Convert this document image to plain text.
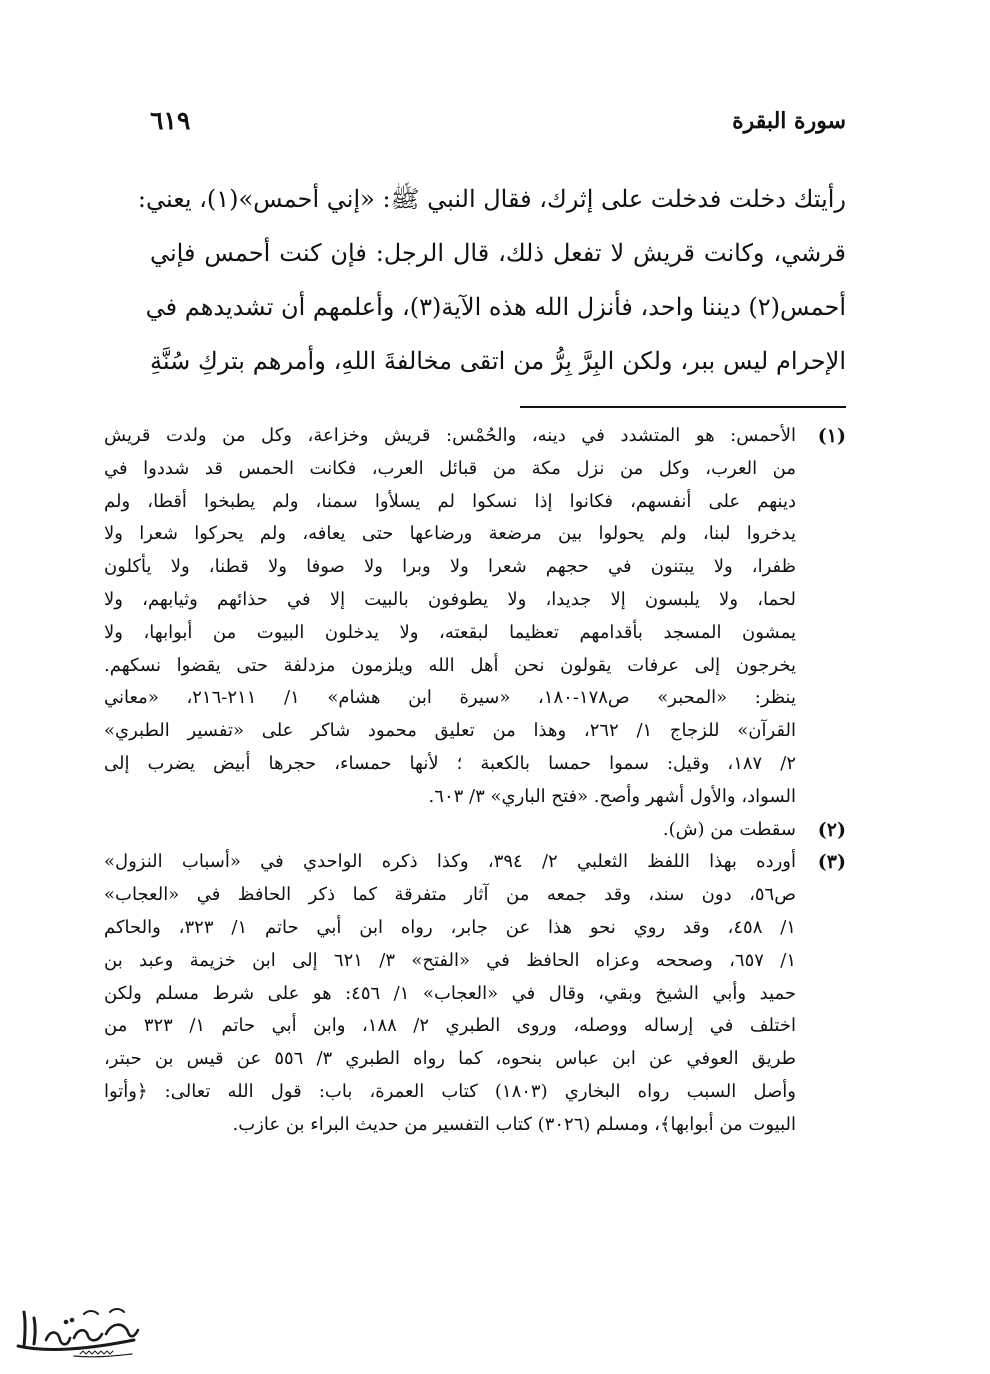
سورة البقرة
٦١٩
رأيتك دخلت فدخلت على إثرك، فقال النبي ﷺ: «إني أحمس»(١)، يعني:
قرشي، وكانت قريش لا تفعل ذلك، قال الرجل: فإن كنت أحمس فإني
أحمس(٢) ديننا واحد، فأنزل الله هذه الآية(٣)، وأعلمهم أن تشديدهم في
الإحرام ليس ببر، ولكن البِرَّ بِرُّ من اتقى مخالفةَ اللهِ، وأمرهم بتركِ سُنَّةِ
(١)
الأحمس: هو المتشدد في دينه، والحُمْس: قريش وخزاعة، وكل من ولدت قريش
من العرب، وكل من نزل مكة من قبائل العرب، فكانت الحمس قد شددوا في
دينهم على أنفسهم، فكانوا إذا نسكوا لم يسلأوا سمنا، ولم يطبخوا أقطا، ولم
يدخروا لبنا، ولم يحولوا بين مرضعة ورضاعها حتى يعافه، ولم يحركوا شعرا ولا
ظفرا، ولا يبتنون في حجهم شعرا ولا وبرا ولا صوفا ولا قطنا، ولا يأكلون
لحما، ولا يلبسون إلا جديدا، ولا يطوفون بالبيت إلا في حذائهم وثيابهم، ولا
يمشون المسجد بأقدامهم تعظيما لبقعته، ولا يدخلون البيوت من أبوابها، ولا
يخرجون إلى عرفات يقولون نحن أهل الله ويلزمون مزدلفة حتى يقضوا نسكهم.
ينظر: «المحبر» ص١٧٨-١٨٠، «سيرة ابن هشام» ١/ ٢١١-٢١٦، «معاني
القرآن» للزجاج ١/ ٢٦٢، وهذا من تعليق محمود شاكر على «تفسير الطبري»
٢/ ١٨٧، وقيل: سموا حمسا بالكعبة ؛ لأنها حمساء، حجرها أبيض يضرب إلى
السواد، والأول أشهر وأصح. «فتح الباري» ٣/ ٦٠٣.
(٢)
سقطت من (ش).
(٣)
أورده بهذا اللفظ الثعلبي ٢/ ٣٩٤، وكذا ذكره الواحدي في «أسباب النزول»
ص٥٦، دون سند، وقد جمعه من آثار متفرقة كما ذكر الحافظ في «العجاب»
١/ ٤٥٨، وقد روي نحو هذا عن جابر، رواه ابن أبي حاتم ١/ ٣٢٣، والحاكم
١/ ٦٥٧، وصححه وعزاه الحافظ في «الفتح» ٣/ ٦٢١ إلى ابن خزيمة وعبد بن
حميد وأبي الشيخ وبقي، وقال في «العجاب» ١/ ٤٥٦: هو على شرط مسلم ولكن
اختلف في إرساله ووصله، وروى الطبري ٢/ ١٨٨، وابن أبي حاتم ١/ ٣٢٣ من
طريق العوفي عن ابن عباس بنحوه، كما رواه الطبري ٣/ ٥٥٦ عن قيس بن حبتر،
وأصل السبب رواه البخاري (١٨٠٣) كتاب العمرة، باب: قول الله تعالى: ﴿وأتوا
البيوت من أبوابها﴾، ومسلم (٣٠٢٦) كتاب التفسير من حديث البراء بن عازب.
